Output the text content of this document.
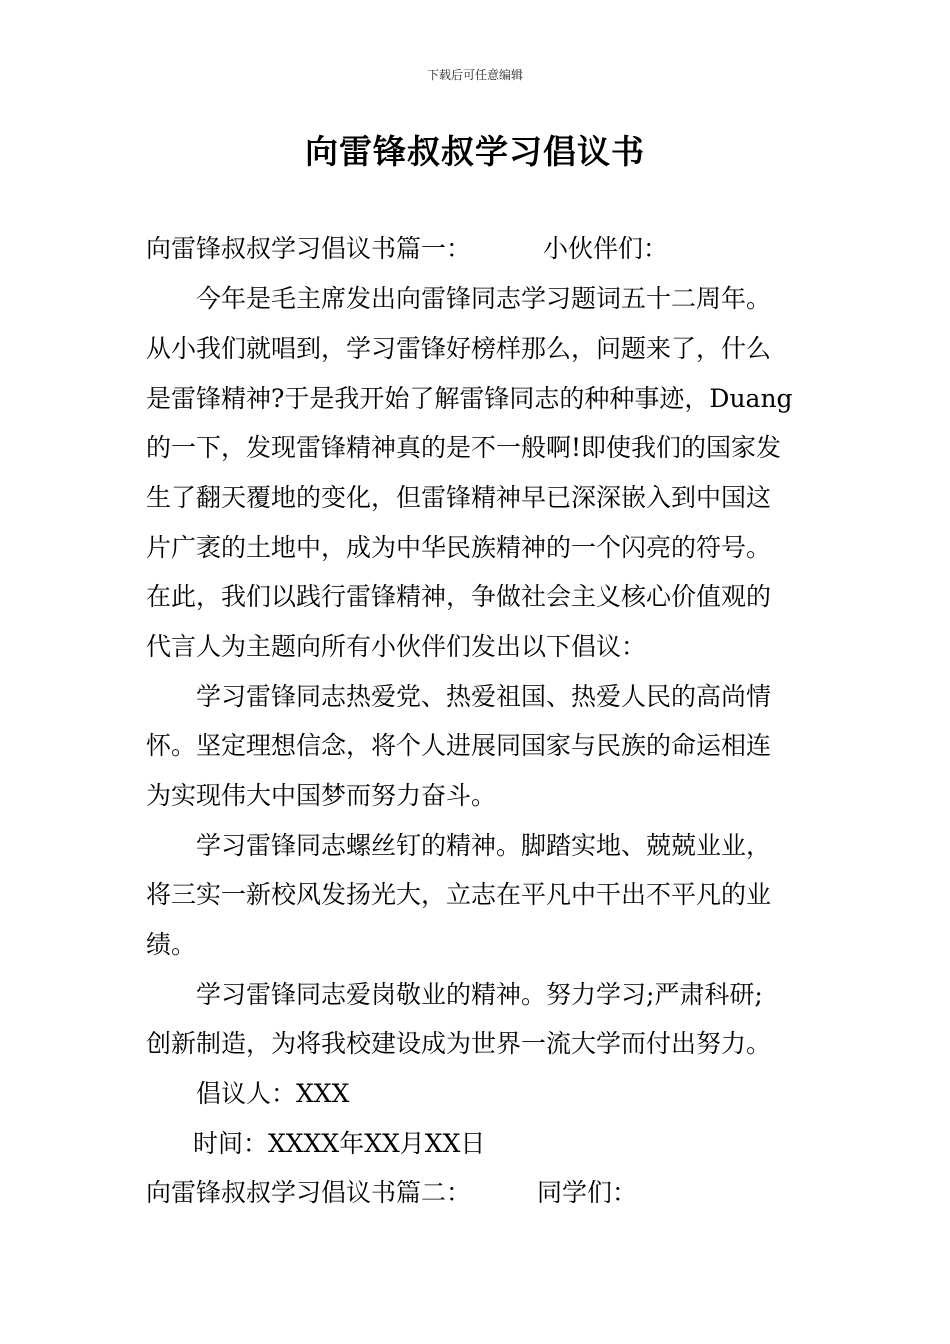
下载后可任意编辑
向雷锋叔叔学习倡议书
向雷锋叔叔学习倡议书篇一：	小伙伴们：
今年是毛主席发出向雷锋同志学习题词五十二周年。
从小我们就唱到，学习雷锋好榜样那么，问题来了，什么
是雷锋精神?于是我开始了解雷锋同志的种种事迹，Duang
的一下，发现雷锋精神真的是不一般啊!即使我们的国家发
生了翻天覆地的变化，但雷锋精神早已深深嵌入到中国这
片广袤的土地中，成为中华民族精神的一个闪亮的符号。
在此，我们以践行雷锋精神，争做社会主义核心价值观的
代言人为主题向所有小伙伴们发出以下倡议：
学习雷锋同志热爱党、热爱祖国、热爱人民的高尚情
怀。坚定理想信念，将个人进展同国家与民族的命运相连
为实现伟大中国梦而努力奋斗。
学习雷锋同志螺丝钉的精神。脚踏实地、兢兢业业，
将三实一新校风发扬光大，立志在平凡中干出不平凡的业
绩。
学习雷锋同志爱岗敬业的精神。努力学习;严肃科研;
创新制造，为将我校建设成为世界一流大学而付出努力。
倡议人：XXX
时间：XXXX年XX月XX日
向雷锋叔叔学习倡议书篇二：	同学们：
